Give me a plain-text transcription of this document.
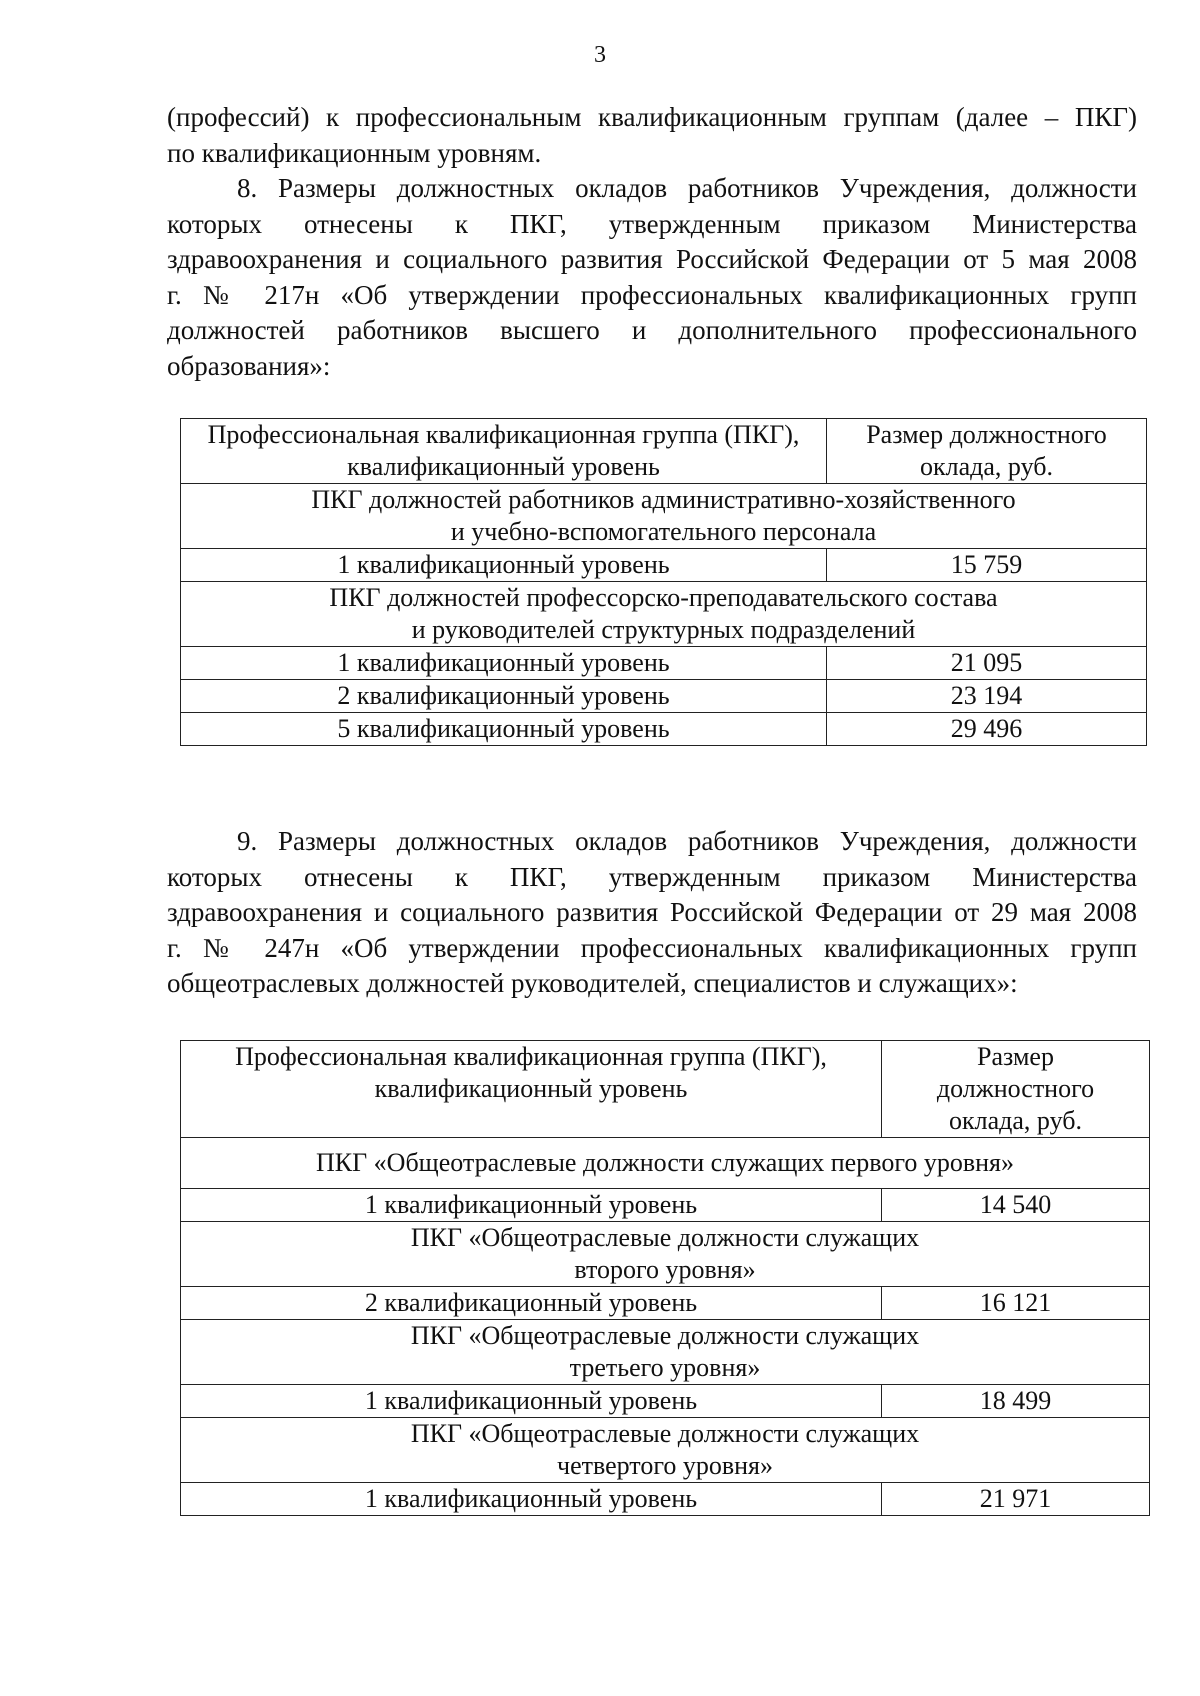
3

(профессий) к профессиональным квалификационным группам (далее – ПКГ)
по квалификационным уровням.

8. Размеры должностных окладов работников Учреждения, должности
которых отнесены к ПКГ, утвержденным приказом Министерства
здравоохранения и социального развития Российской Федерации от 5 мая 2008
г. № 217н «Об утверждении профессиональных квалификационных групп
должностей работников высшего и дополнительного профессионального
образования»:

Профессиональная квалификационная группа (ПКГ), квалификационный уровень	Размер должностного оклада, руб.

ПКГ должностей работников административно-хозяйственного
и учебно-вспомогательного персонала	

1 квалификационный уровень	15 759

ПКГ должностей профессорско-преподавательского состава
и руководителей структурных подразделений	

1 квалификационный уровень	21 095
2 квалификационный уровень	23 194
5 квалификационный уровень	29 496

9. Размеры должностных окладов работников Учреждения, должности
которых отнесены к ПКГ, утвержденным приказом Министерства
здравоохранения и социального развития Российской Федерации от 29 мая 2008
г. № 247н «Об утверждении профессиональных квалификационных групп
общеотраслевых должностей руководителей, специалистов и служащих»:

Профессиональная квалификационная группа (ПКГ),
квалификационный уровень	Размер
должностного
оклада, руб.

ПКГ «Общеотраслевые должности служащих первого уровня»	

1 квалификационный уровень	14 540

ПКГ «Общеотраслевые должности служащих
второго уровня»	

2 квалификационный уровень	16 121

ПКГ «Общеотраслевые должности служащих
третьего уровня»	

1 квалификационный уровень	18 499

ПКГ «Общеотраслевые должности служащих
четвертого уровня»	

1 квалификационный уровень	21 971
